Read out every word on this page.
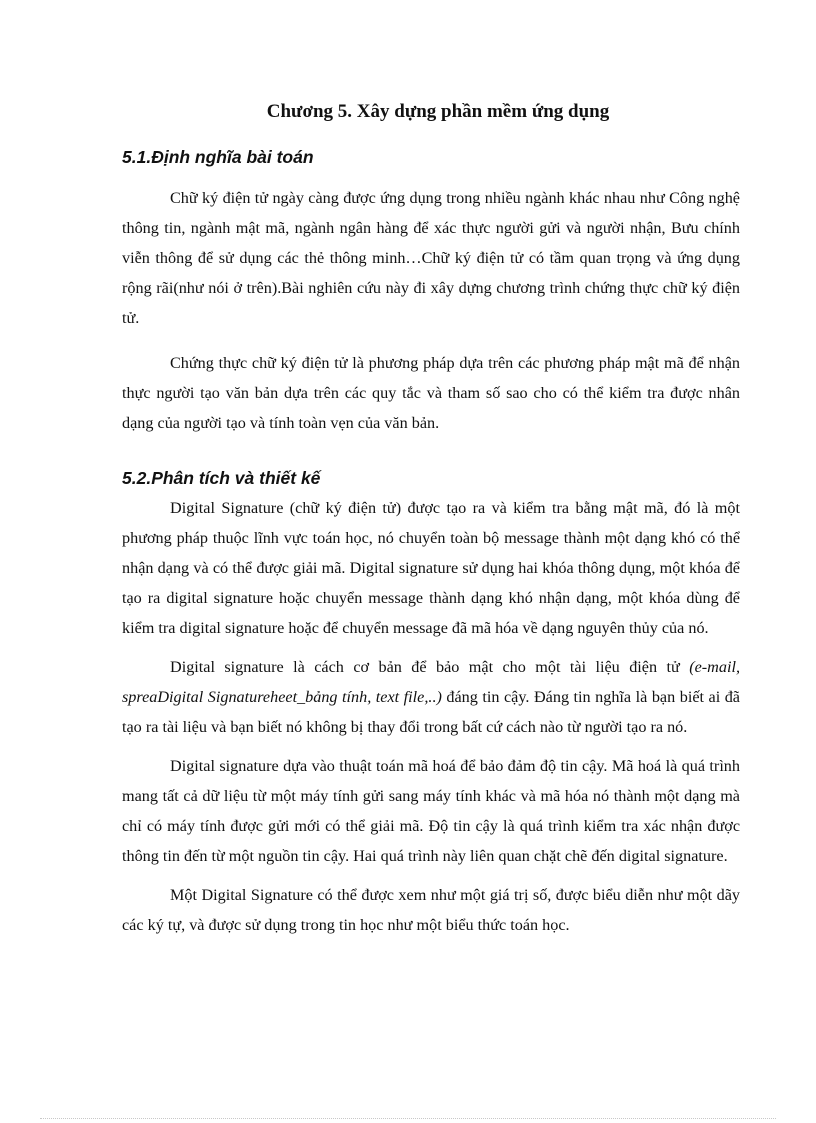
Chương 5. Xây dựng phần mềm ứng dụng
5.1.Định nghĩa bài toán

Chữ ký điện tử ngày càng được ứng dụng trong nhiều ngành khác nhau như Công nghệ thông tin, ngành mật mã, ngành ngân hàng để xác thực người gửi và người nhận, Bưu chính viễn thông để sử dụng các thẻ thông minh…Chữ ký điện tử có tầm quan trọng và ứng dụng rộng rãi(như nói ở trên).Bài nghiên cứu này đi xây dựng chương trình chứng thực chữ ký điện tử.

Chứng thực chữ ký điện tử là phương pháp dựa trên các phương pháp mật mã để nhận thực người tạo văn bản dựa trên các quy tắc và tham số sao cho có thể kiểm tra được nhân dạng của người tạo và tính toàn vẹn của văn bản.

5.2.Phân tích và thiết kế

Digital Signature (chữ ký điện tử) được tạo ra và kiểm tra bằng mật mã, đó là một phương pháp thuộc lĩnh vực toán học, nó chuyển toàn bộ message thành một dạng khó có thể nhận dạng và có thể được giải mã. Digital signature sử dụng hai khóa thông dụng, một khóa để tạo ra digital signature hoặc chuyển message thành dạng khó nhận dạng, một khóa dùng để kiểm tra digital signature hoặc để chuyển message đã mã hóa về dạng nguyên thủy của nó.

Digital signature là cách cơ bản để bảo mật cho một tài liệu điện tử (e-mail, spreaDigital Signatureheet_bảng tính, text file,..) đáng tin cậy. Đáng tin nghĩa là bạn biết ai đã tạo ra tài liệu và bạn biết nó không bị thay đổi trong bất cứ cách nào từ người tạo ra nó.

Digital signature dựa vào thuật toán mã hoá để bảo đảm độ tin cậy. Mã hoá là quá trình mang tất cả dữ liệu từ một máy tính gửi sang máy tính khác và mã hóa nó thành một dạng mà chỉ có máy tính được gửi mới có thể giải mã. Độ tin cậy là quá trình kiểm tra xác nhận được thông tin đến từ một nguồn tin cậy. Hai quá trình này liên quan chặt chẽ đến digital signature.

Một Digital Signature có thể được xem như một giá trị số, được biểu diễn như một dãy các ký tự, và được sử dụng trong tin học như một biểu thức toán học.
